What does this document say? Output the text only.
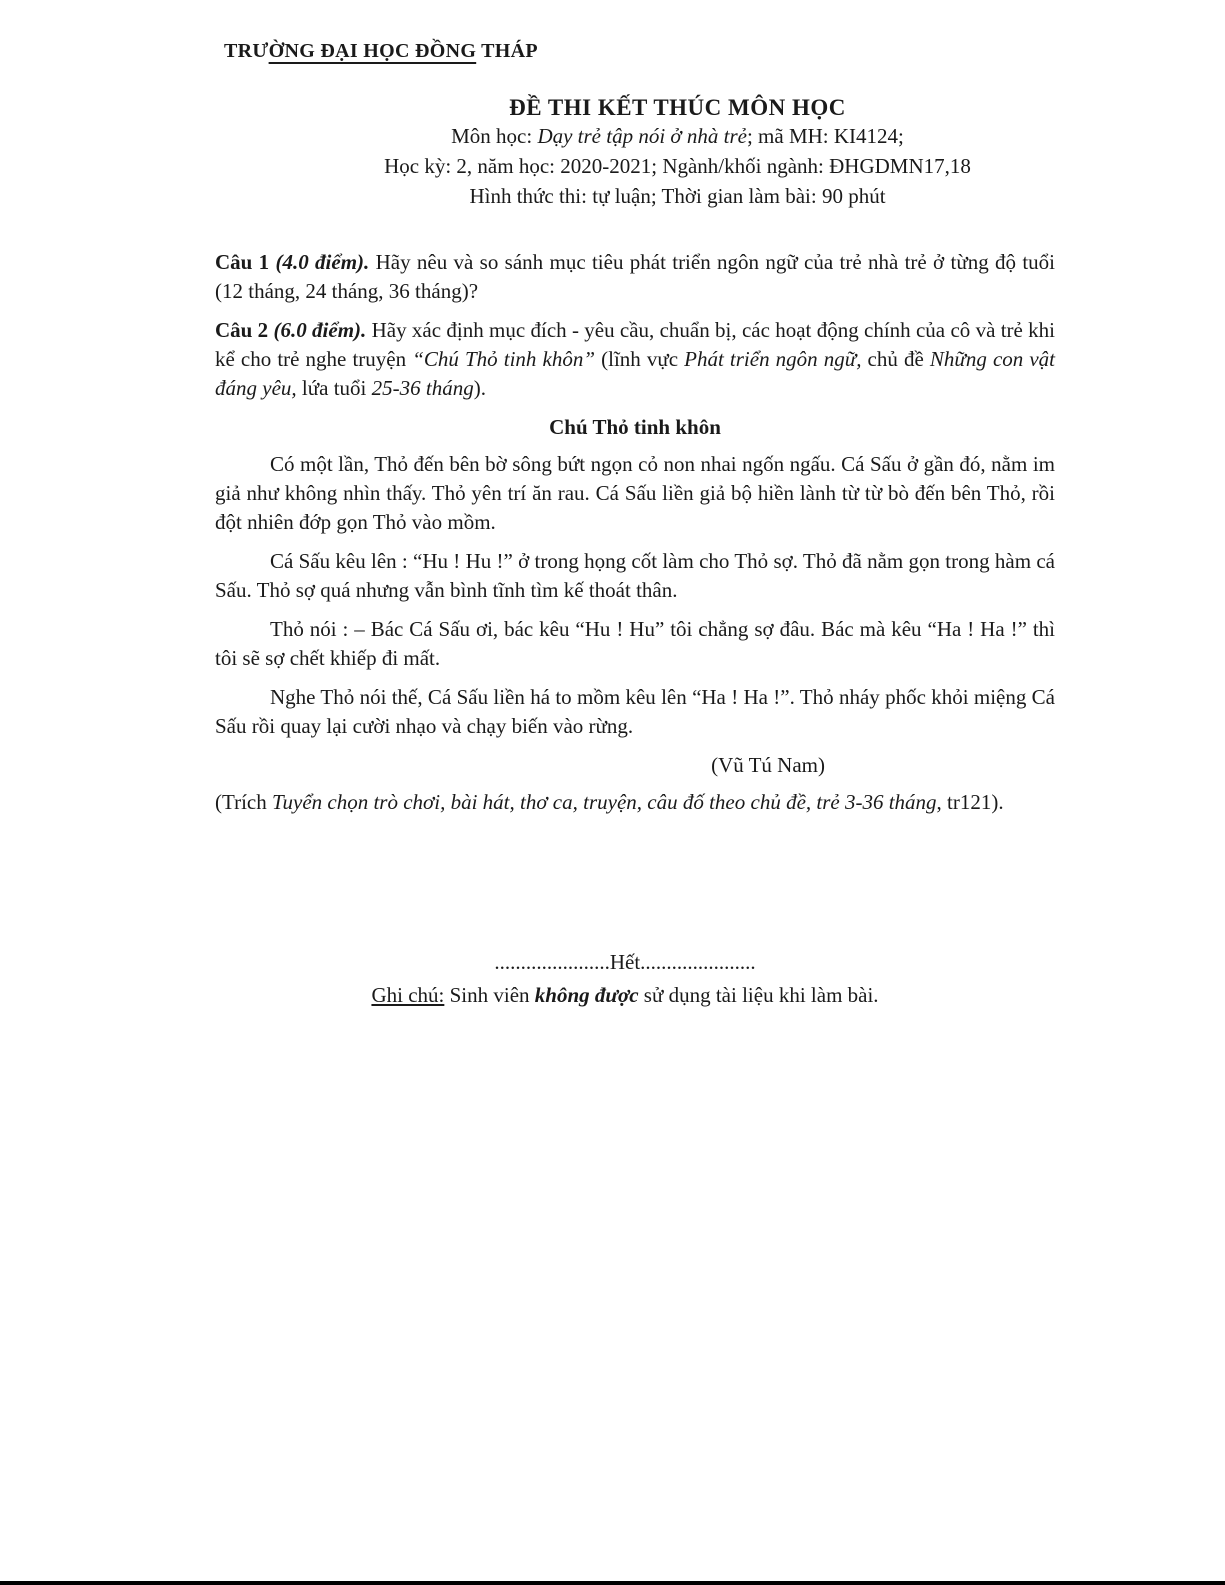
TRƯỜNG ĐẠI HỌC ĐỒNG THÁP
ĐỀ THI KẾT THÚC MÔN HỌC
Môn học: Dạy trẻ tập nói ở nhà trẻ; mã MH: KI4124;
Học kỳ: 2, năm học: 2020-2021; Ngành/khối ngành: ĐHGDMN17,18
Hình thức thi: tự luận; Thời gian làm bài: 90 phút

Câu 1 (4.0 điểm). Hãy nêu và so sánh mục tiêu phát triển ngôn ngữ của trẻ nhà trẻ ở từng độ tuổi (12 tháng, 24 tháng, 36 tháng)?

Câu 2 (6.0 điểm). Hãy xác định mục đích - yêu cầu, chuẩn bị, các hoạt động chính của cô và trẻ khi kể cho trẻ nghe truyện “Chú Thỏ tinh khôn” (lĩnh vực Phát triển ngôn ngữ, chủ đề Những con vật đáng yêu, lứa tuổi 25-36 tháng).

Chú Thỏ tinh khôn

Có một lần, Thỏ đến bên bờ sông bứt ngọn cỏ non nhai ngốn ngấu. Cá Sấu ở gần đó, nằm im giả như không nhìn thấy. Thỏ yên trí ăn rau. Cá Sấu liền giả bộ hiền lành từ từ bò đến bên Thỏ, rồi đột nhiên đớp gọn Thỏ vào mồm.

Cá Sấu kêu lên : “Hu ! Hu !” ở trong họng cốt làm cho Thỏ sợ. Thỏ đã nằm gọn trong hàm cá Sấu. Thỏ sợ quá nhưng vẫn bình tĩnh tìm kế thoát thân.

Thỏ nói : – Bác Cá Sấu ơi, bác kêu “Hu ! Hu” tôi chẳng sợ đâu. Bác mà kêu “Ha ! Ha !” thì tôi sẽ sợ chết khiếp đi mất.

Nghe Thỏ nói thế, Cá Sấu liền há to mồm kêu lên “Ha ! Ha !”. Thỏ nháy phốc khỏi miệng Cá Sấu rồi quay lại cười nhạo và chạy biến vào rừng.

(Vũ Tú Nam)

(Trích Tuyển chọn trò chơi, bài hát, thơ ca, truyện, câu đố theo chủ đề, trẻ 3-36 tháng, tr121).

......................Hết......................
Ghi chú: Sinh viên không được sử dụng tài liệu khi làm bài.
